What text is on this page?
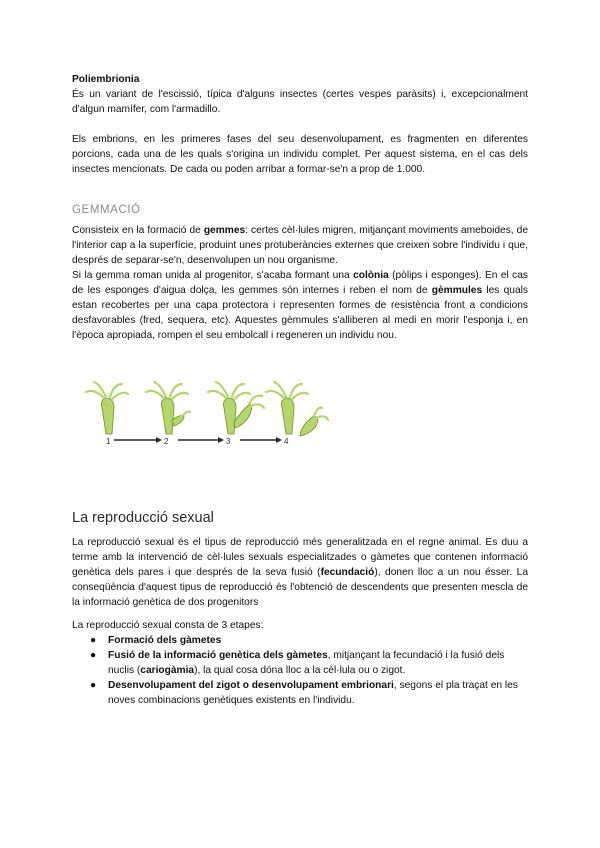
Poliembrionia
És un variant de l'escissió, típica d'alguns insectes (certes vespes paràsits) i, excepcionalment d'algun mamífer, com l'armadillo.
Els embrions, en les primeres fases del seu desenvolupament, es fragmenten en diferentes porcions, cada una de les quals s'origina un individu complet. Per aquest sistema, en el cas dels insectes mencionats. De cada ou poden arribar a formar-se'n a prop de 1.000.
GEMMACIÓ
Consisteix en la formació de gemmes: certes cèl·lules migren, mitjançant moviments ameboides, de l'interior cap a la superfície, produint unes protuberàncies externes que creixen sobre l'individu i que, després de separar-se'n, desenvolupen un nou organisme.
Si la gemma roman unida al progenitor, s'acaba formant una colònia (pòlips i esponges). En el cas de les esponges d'aigua dolça, les gemmes són internes i reben el nom de gèmmules les quals estan recobertes per una capa protectora i representen formes de resistència front a condicions desfavorables (fred, sequera, etc). Aquestes gèmmules s'alliberen al medi en morir l'esponja i, en l'època apropiada, rompen el seu embolcall i regeneren un individu nou.
1	2	3	4
La reproducció sexual
La reproducció sexual és el tipus de reproducció més generalitzada en el regne animal. Es duu a terme amb la intervenció de cèl·lules sexuals especialitzades o gàmetes que contenen informació genètica dels pares i que després de la seva fusió (fecundació), donen lloc a un nou ésser. La conseqüència d'aquest tipus de reproducció és l'obtenció de descendents que presenten mescla de la informació genètica de dos progenitors
La reproducció sexual consta de 3 etapes:
● Formació dels gàmetes
● Fusió de la informació genètica dels gàmetes, mitjançant la fecundació i la fusió dels nuclis (cariogàmia), la qual cosa dóna lloc a la cèl·lula ou o zigot.
● Desenvolupament del zigot o desenvolupament embrionari, segons el pla traçat en les noves combinacions genètiques existents en l'individu.
